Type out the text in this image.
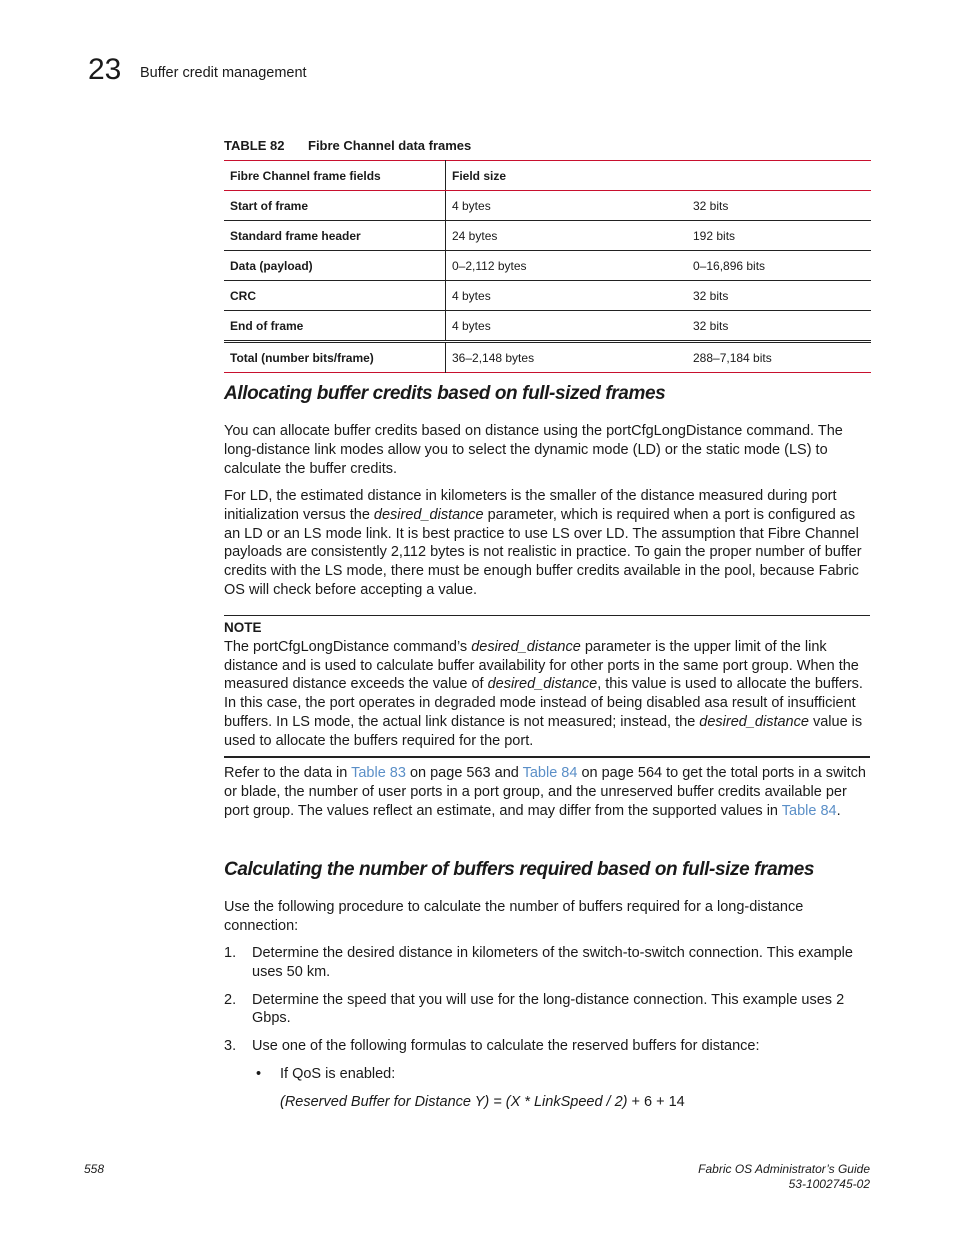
23 Buffer credit management
TABLE 82 Fibre Channel data frames
Fibre Channel frame fields	Field size	
Start of frame	4 bytes	32 bits
Standard frame header	24 bytes	192 bits
Data (payload)	0–2,112 bytes	0–16,896 bits
CRC	4 bytes	32 bits
End of frame	4 bytes	32 bits
Total (number bits/frame)	36–2,148 bytes	288–7,184 bits
Allocating buffer credits based on full-sized frames

You can allocate buffer credits based on distance using the portCfgLongDistance command. The long-distance link modes allow you to select the dynamic mode (LD) or the static mode (LS) to calculate the buffer credits.

For LD, the estimated distance in kilometers is the smaller of the distance measured during port initialization versus the desired_distance parameter, which is required when a port is configured as an LD or an LS mode link. It is best practice to use LS over LD. The assumption that Fibre Channel payloads are consistently 2,112 bytes is not realistic in practice. To gain the proper number of buffer credits with the LS mode, there must be enough buffer credits available in the pool, because Fabric OS will check before accepting a value.

NOTE
The portCfgLongDistance command’s desired_distance parameter is the upper limit of the link distance and is used to calculate buffer availability for other ports in the same port group. When the measured distance exceeds the value of desired_distance, this value is used to allocate the buffers. In this case, the port operates in degraded mode instead of being disabled asa result of insufficient buffers. In LS mode, the actual link distance is not measured; instead, the desired_distance value is used to allocate the buffers required for the port.

Refer to the data in Table 83 on page 563 and Table 84 on page 564 to get the total ports in a switch or blade, the number of user ports in a port group, and the unreserved buffer credits available per port group. The values reflect an estimate, and may differ from the supported values in Table 84.

Calculating the number of buffers required based on full-size frames

Use the following procedure to calculate the number of buffers required for a long-distance connection:

1. Determine the desired distance in kilometers of the switch-to-switch connection. This example uses 50 km.
2. Determine the speed that you will use for the long-distance connection. This example uses 2 Gbps.
3. Use one of the following formulas to calculate the reserved buffers for distance:
• If QoS is enabled:
(Reserved Buffer for Distance Y) = (X * LinkSpeed / 2) + 6 + 14
558	Fabric OS Administrator’s Guide
53-1002745-02
